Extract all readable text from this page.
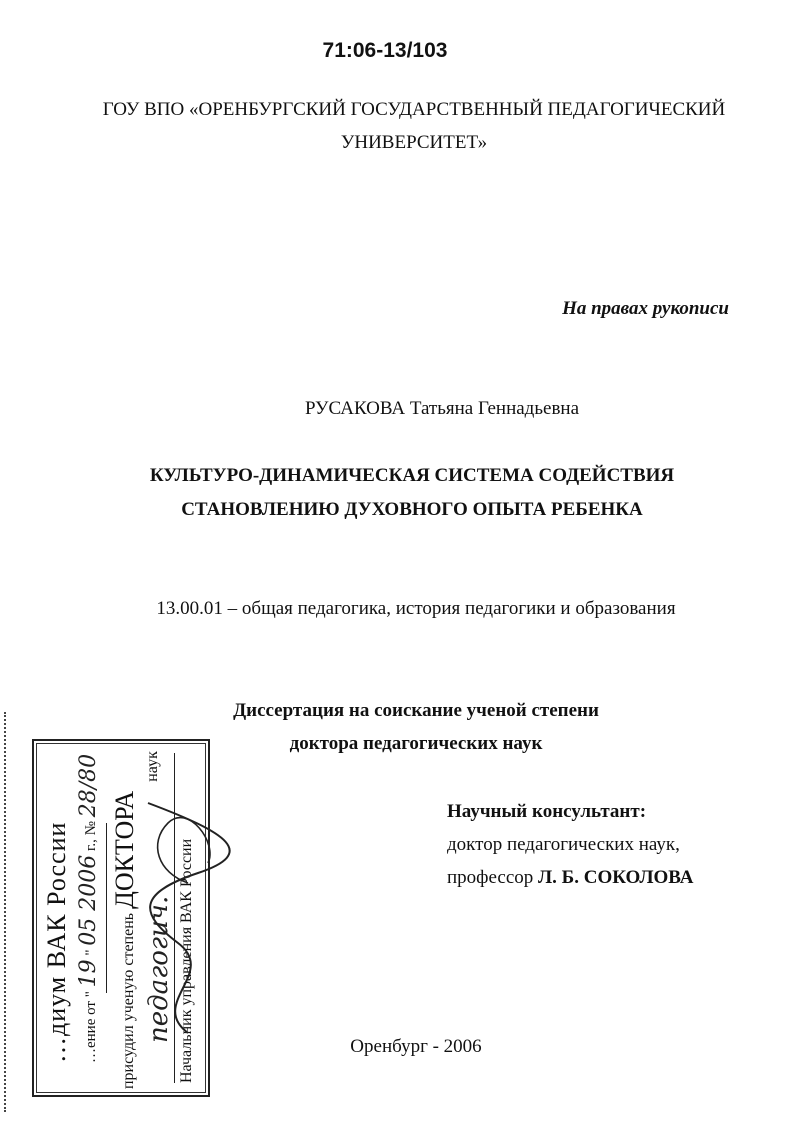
71:06-13/103
ГОУ ВПО «ОРЕНБУРГСКИЙ ГОСУДАРСТВЕННЫЙ ПЕДАГОГИЧЕСКИЙ
УНИВЕРСИТЕТ»
На правах рукописи
РУСАКОВА Татьяна Геннадьевна
КУЛЬТУРО-ДИНАМИЧЕСКАЯ СИСТЕМА СОДЕЙСТВИЯ
СТАНОВЛЕНИЮ ДУХОВНОГО ОПЫТА РЕБЕНКА
13.00.01 – общая педагогика, история педагогики и образования
Диссертация на соискание ученой степени
доктора педагогических наук
Научный консультант:
доктор педагогических наук,
профессор Л. Б. СОКОЛОВА
Оренбург - 2006
…диум ВАК России …ение от " 19 " 05 2006 г., № 28/80
присудил ученую степень ДОКТОРА
педагогич. наук
Начальник управления ВАК России
